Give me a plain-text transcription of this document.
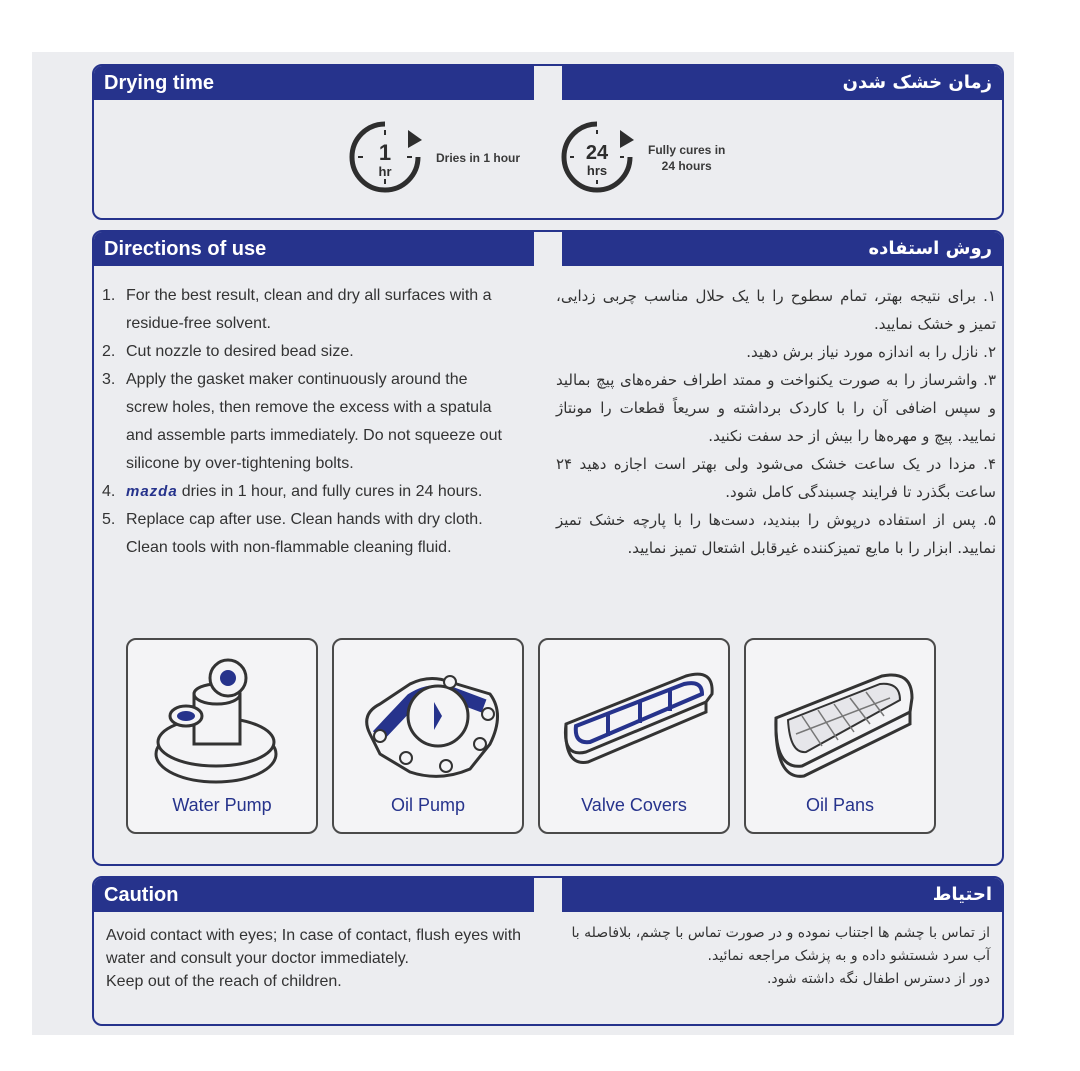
Drying time	زمان خشک شدن
1
hr
Dries in 1 hour	24
hrs
Fully cures in
24 hours
Directions of use	روش استفاده
1. For the best result, clean and dry all surfaces with a residue-free solvent.
2. Cut nozzle to desired bead size.
3. Apply the gasket maker continuously around the screw holes, then remove the excess with a spatula and assemble parts immediately. Do not squeeze out silicone by over-tightening bolts.
4. mazda dries in 1 hour, and fully cures in 24 hours.
5. Replace cap after use. Clean hands with dry cloth. Clean tools with non-flammable cleaning fluid.
۱. برای نتیجه بهتر، تمام سطوح را با یک حلال مناسب چربی زدایی، تمیز و خشک نمایید.
۲. نازل را به اندازه مورد نیاز برش دهید.
۳. واشرساز را به صورت یکنواخت و ممتد اطراف حفره‌های پیچ بمالید و سپس اضافی آن را با کاردک برداشته و سریعاً قطعات را مونتاژ نمایید. پیچ و مهره‌ها را بیش از حد سفت نکنید.
۴. مزدا در یک ساعت خشک می‌شود ولی بهتر است اجازه دهید ۲۴ ساعت بگذرد تا فرایند چسبندگی کامل شود.
۵. پس از استفاده درپوش را ببندید، دست‌ها را با پارچه خشک تمیز نمایید. ابزار را با مایع تمیزکننده غیرقابل اشتعال تمیز نمایید.
Water Pump	Oil Pump	Valve Covers	Oil Pans
Caution	احتیاط
Avoid contact with eyes; In case of contact, flush eyes with water and consult your doctor immediately.
Keep out of the reach of children.
از تماس با چشم ها اجتناب نموده و در صورت تماس با چشم، بلافاصله با آب سرد شستشو داده و به پزشک مراجعه نمائید.
دور از دسترس اطفال نگه داشته شود.
